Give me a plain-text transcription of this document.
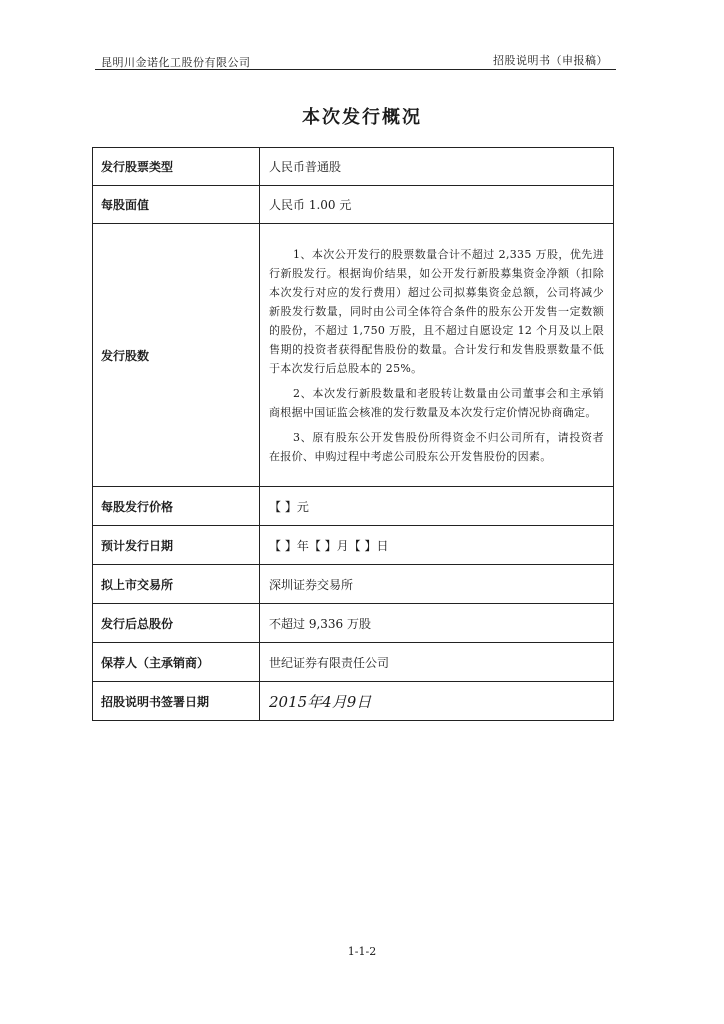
昆明川金诺化工股份有限公司	招股说明书（申报稿）
本次发行概况
发行股票类型	人民币普通股
每股面值	人民币 1.00 元
发行股数	1、本次公开发行的股票数量合计不超过 2,335 万股，优先进行新股发行。根据询价结果，如公开发行新股募集资金净额（扣除本次发行对应的发行费用）超过公司拟募集资金总额，公司将减少新股发行数量，同时由公司全体符合条件的股东公开发售一定数额的股份，不超过 1,750 万股，且不超过自愿设定 12 个月及以上限售期的投资者获得配售股份的数量。合计发行和发售股票数量不低于本次发行后总股本的 25%。

2、本次发行新股数量和老股转让数量由公司董事会和主承销商根据中国证监会核准的发行数量及本次发行定价情况协商确定。

3、原有股东公开发售股份所得资金不归公司所有，请投资者在报价、申购过程中考虑公司股东公开发售股份的因素。

每股发行价格	【 】元
预计发行日期	【 】年【 】月【 】日
拟上市交易所	深圳证券交易所
发行后总股份	不超过 9,336 万股
保荐人（主承销商）	世纪证券有限责任公司
招股说明书签署日期	2015年4月9日
1-1-2
